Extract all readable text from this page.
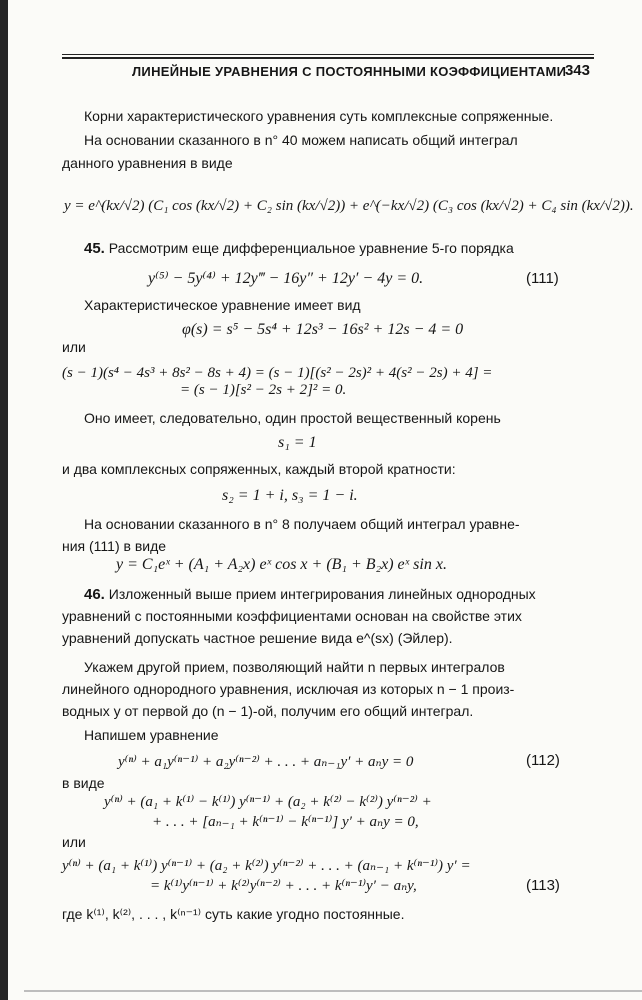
ЛИНЕЙНЫЕ УРАВНЕНИЯ С ПОСТОЯННЫМИ КОЭФФИЦИЕНТАМИ
343
Корни характеристического уравнения суть комплексные сопряженные.
На основании сказанного в n° 40 можем написать общий интеграл
данного уравнения в виде
y = e^(kx/√2) (C₁ cos (kx/√2) + C₂ sin (kx/√2)) + e^(−kx/√2) (C₃ cos (kx/√2) + C₄ sin (kx/√2)).
45. Рассмотрим еще дифференциальное уравнение 5-го порядка
y⁽⁵⁾ − 5y⁽⁴⁾ + 12y‴ − 16y″ + 12y′ − 4y = 0.	(111)
Характеристическое уравнение имеет вид
φ(s) = s⁵ − 5s⁴ + 12s³ − 16s² + 12s − 4 = 0
или
(s − 1)(s⁴ − 4s³ + 8s² − 8s + 4) = (s − 1)[(s² − 2s)² + 4(s² − 2s) + 4] =
= (s − 1)[s² − 2s + 2]² = 0.
Оно имеет, следовательно, один простой вещественный корень
s₁ = 1
и два комплексных сопряженных, каждый второй кратности:
s₂ = 1 + i, s₃ = 1 − i.
На основании сказанного в n° 8 получаем общий интеграл уравне-
ния (111) в виде
y = C₁eˣ + (A₁ + A₂x) eˣ cos x + (B₁ + B₂x) eˣ sin x.
46. Изложенный выше прием интегрирования линейных однородных
уравнений с постоянными коэффициентами основан на свойстве этих
уравнений допускать частное решение вида e^(sx) (Эйлер).
Укажем другой прием, позволяющий найти n первых интегралов
линейного однородного уравнения, исключая из которых n − 1 произ-
водных y от первой до (n − 1)-ой, получим его общий интеграл.
Напишем уравнение
y⁽ⁿ⁾ + a₁y⁽ⁿ⁻¹⁾ + a₂y⁽ⁿ⁻²⁾ + . . . + aₙ₋₁y′ + aₙy = 0	(112)
в виде
y⁽ⁿ⁾ + (a₁ + k⁽¹⁾ − k⁽¹⁾) y⁽ⁿ⁻¹⁾ + (a₂ + k⁽²⁾ − k⁽²⁾) y⁽ⁿ⁻²⁾ +
+ . . . + [aₙ₋₁ + k⁽ⁿ⁻¹⁾ − k⁽ⁿ⁻¹⁾] y′ + aₙy = 0,
или
y⁽ⁿ⁾ + (a₁ + k⁽¹⁾) y⁽ⁿ⁻¹⁾ + (a₂ + k⁽²⁾) y⁽ⁿ⁻²⁾ + . . . + (aₙ₋₁ + k⁽ⁿ⁻¹⁾) y′ =
= k⁽¹⁾y⁽ⁿ⁻¹⁾ + k⁽²⁾y⁽ⁿ⁻²⁾ + . . . + k⁽ⁿ⁻¹⁾y′ − aₙy,	(113)
где k⁽¹⁾, k⁽²⁾, . . . , k⁽ⁿ⁻¹⁾ суть какие угодно постоянные.
